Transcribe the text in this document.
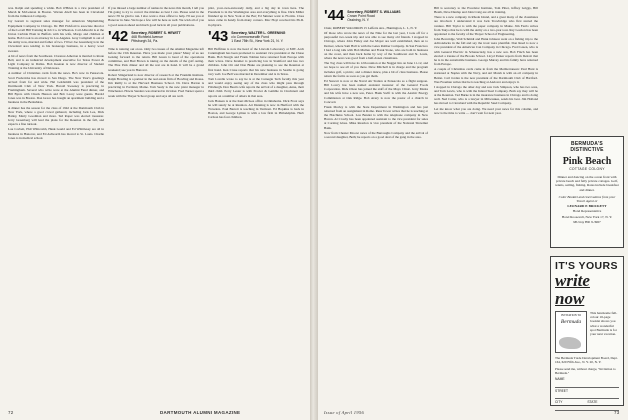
was. Ralph and spending a while. Bob O'Brien is a vice president of Marsh & McLennan in Boston. Warren Abell has been in Cleveland from the Jamieson Company.

Jay Garrett is regional sales manager for American Shipbuilding Equipment Company in Chicago. Dr. Bill Pickford is associate director of the Lovell Hill Training & Job Co. in Wheaton. Carl Albrecht is at the Union Carbide Plant in Buffalo with his wife, Margo and children at home. Bob Cook is an attorney in Los Angeles. Gray Campbell is out of the Army now, married and father of two. I'll bet Joe Greenberg is in the Cleveland area tending to his brokerage business, in a heavy wool sweater.

A bit of news from the Southwest. Clarence Atherton is married to Rosie Bell, and is an industrial development executive for Texas Power & Light Company in Dallas. Bob Keenan is now director of Student Training at the University of Delaware.

A number of Christmas cards from the news. He's now in Pensacola. Scott Fredericks has moved to San Diego. The New Year's greetings arrived from far and wide. Hal Goldsmith was president of the Dartmouth Club of New York. Harold Sweeney is practicing in Framingham. Several who write were at the Alumni Fund dinner, and Bill Byers with Chuck Hanson and Bob Lacey were guests. Harold Jones was in Boston. Don Grace has bought an apartment building and a business in the Berkshires.

A dinner has the season for the class of 1942 at the Dartmouth Club in New York, where a good crowd gathered, including Jack Lee, Dick Bailey, Marty Goodman and more. Ted Roper was elected treasurer. Jerry Greenberg will lead the plans for the Reunion in the fall, and expects a fine turnout.

Lou Corbett, Phil Whitcomb, Hank Gould and Ed Whittlesey are all in business in Hanover, and Ed Ashworth has moved to St. Louis. Charlie Jones is in medical school.

If you missed a large number of names in the news this month, I tell you I'm going to try to correct the mistake as best I can. Please send in the news: I'll be glad to run. I also want a class officer to help. I'll see you at Hanover in June. We hope a few will be here as well. We wish all of you a good season ahead and much good luck in all your publications.

'42 Secretary, ROBERT S. HEWITT
468 Richfield Avenue
Pittsburgh 34, Pa.

Time is running out on us. Only two issues of the Alumni Magazine left before the 15th Reunion. Have you made your plans? Many of us are looking forward to the return. Bill Green is head of the operations committee, and Bud Brown is taking on the details of the golf outing. The Pine Park dinner and all the rest are in hand. It will be a grand weekend; see you in Hanover.

Robert Slingerland is now director of research at the Franklin Institute. Ralph Bowling is a partner in the real estate firm of Bowling and Rouse. Jim Reilly is at the Harvard Business School. Dr. Dave Barton is practicing in Portland, Maine. Tom Sealy is the new plant manager in Winchester. Howie Sanders was married in October. Fred Turner spent a week with the Thayer School group and says all are well.

pilot, your-own-and-ready daily, and a big day in town here. The President is in the Washington area and everything is fine. Dick Miller finished up in New York at the Bar; Ed Skinner went to Florida. Class notes came in handy from many corners. Mac Hoyt received his Ph.D. in physics.

'43 Secretary, WALTER L. GREENING
c/o Commonwealth Fund
1 East 75th St., New York 21, N. Y.

Bill Hoffman is now the head of the Lincoln Laboratory at MIT. Arch Cunningham has been promoted to assistant vice president at the Chase Bank. Bob Sturgis and Frank Tolman have returned from Europe with their wives. Dave Kramer is practicing law in Stamford and has two children. John Orr and Don Blake are planning to see the Reunion at first hand. Ken Cruse reports that his new business in Seattle is going very well. Joe Bell was married in December and is in Texas.

Tom Lavelle wrote to say he is at the Carnegie Tech faculty this year and would enjoy seeing any of the class who might pass through Pittsburgh. Don Bean's wife reports the arrival of a daughter, Anne, their third child. Perry Lester is with Procter & Gamble in Cincinnati and reports on a number of others in that area.

Jack Hansen is at the Kerr-McGee office in Oklahoma. Dick Frost says he will surely be at Reunion. Art Dunning is now in Hartford with the Travelers. Paul Barrett is teaching in Vermont. Ed Hopkins is back in Boston, and George Lyman is with a law firm in Philadelphia. Herb Carlson has four children.

72	DARTMOUTH ALUMNI MAGAZINE
'44 Secretary, ROBERT S. WILLIAMS
Crown Point Road
Ossining, N. Y.

Chair, ROBERT WALDRON 15 Lefferts Ave., Huntington, L. I., N. Y.

Of those who wrote the news of the Nine for the last year, I took off for a purposeful two-week trip and was able to see many old friends. I stopped in Chicago, where John Finley and Joe Mayer are well established, then on to Denver, where Sam Hall is with the Gates Rubber Company. In San Francisco I had a long talk with Bob Mullen and Frank Stone, who are both in business on the coast, and then back home by way of the Southwest and St. Louis, where the news was good from a half-dozen classmates.

The Tog class will have its 12th reunion at the Nugget Inn on June 11-12, and we hope to see all of you there. Dave Mitchell is in charge and the program includes golf, a picnic, and a dinner dance, plus a bit of class business. Please return the forms as soon as you get them.

Ed Stewart is now at the Naval Air Station at Pensacola as a flight surgeon. Bill Lowry has been named assistant treasurer of the General Foods Corporation. Dick Olson has joined the staff of the Mayo Clinic. Jerry Marks and his wife have a new son, Peter. Hank Swift is with the Atomic Energy Commission at Oak Ridge. Bob Avery is now the pastor of a church in Concord.

Frank Morley is with the State Department in Washington and has just returned from an assignment in Rome. Russ Tower writes that he is teaching at the Hotchkiss School. Lou Bender is with the telephone company in New Haven. Al Crosby has been appointed assistant to the vice president for sales at Corning Glass. Mike Reardon is vice president of the National Shawmut Bank.

Now from Chester Moore: news of the Burroughs Company and the arrival of a second daughter, Beth; he reports on a good deal of the gang in the area.

Bill is secretary to the Excelsior Institute, Tom Pitter, Jeffrey Griggs, Bill Heath, Dave Dunlap and John Craig are all in training.

There is a new company in Rhode Island, and a great many of the classmates are involved. I understand it was Jack Trowbridge who first started the venture. Bill Taylor is with the paper company in Maine. Jim Ferris writes from Tokyo that he is with the Army on a two-year tour. Ray Gordon has been appointed to the faculty of the Thayer School of Engineering.

John Beveridge, Walt Schmidt and Hank Johnson went on a fishing trip to the Adirondacks in the fall and say the trout were plentiful. Don Reed is now a vice president of the American Can Company in Chicago. Fred Green, who is with General Electric in Schenectady, has a new son. Bob Finch has been elected a trustee of the Brooks School. Lloyd Parker reports from Detroit that he is in the automobile business. George Murray and his family have returned from Europe.

A couple of Christmas cards came in from the Mediterranean: Paul Hunt is stationed at Naples with the Navy, and Art Marsh is with an oil company in Beirut. Carl Jordan is the new president of the Dartmouth Club of Hartford. Wes Freeman writes that he is teaching at Andover and enjoys it.

I stopped in Chicago the other day and saw Jack Simpson, who has two sons, and Tom Lewis, who is with the Inland Steel Company. Both say they will be at the Reunion. Ted Burke is in the insurance business in Chicago and is doing well. Ned Carter, who is a lawyer in Milwaukee, sends his best. Jim Holland has moved to Cleveland with the Republic Steel Company.

Let me know what you are doing. We need your news for this column, and now is the time to write — don't wait for next year.

Issue of April 1956	73
BERMUDA'S DISTINCTIVE
Pink Beach
COTTAGE COLONY
Dinner and dancing on the ocean front with private beach and fully private cottages. Golf, tennis, sailing, fishing. Rates include breakfast and dinner.
Color Booklet and reservations from your Travel Agent or
LEONARD P. BRICKETT
Hotel Representative
Hotel Roosevelt, New York 17, N. Y.
MUrray Hill 9-3967
IT'S YOURS
write now
INVITATION TO
Bermuda
This handsome full-colour 16-page booklet shows you what a wonderful spot Bermuda is for your next vacation.
The Bermuda Trade Development Board, Dept. 164, 620 Fifth Ave., N. Y. 20, N. Y.
Please send me, without charge, "Invitation to Bermuda."
NAME
STREET
CITY	STATE
